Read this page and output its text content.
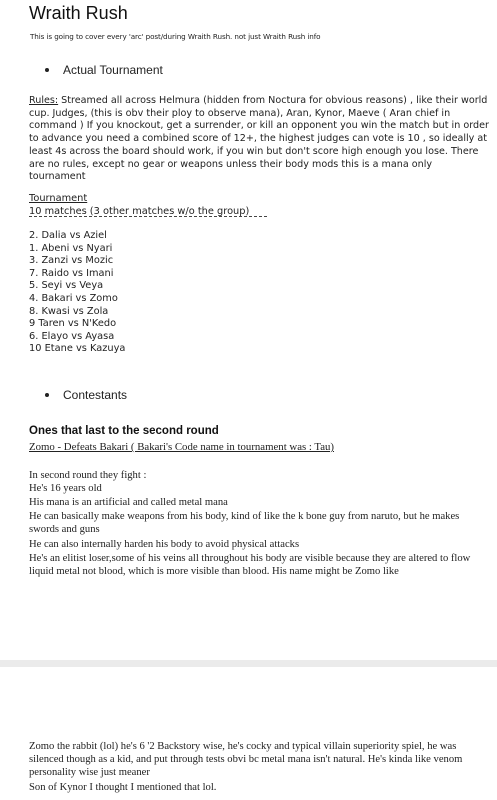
Wraith Rush
This is going to cover every 'arc' post/during Wraith Rush. not just Wraith Rush info
Actual Tournament
Rules: Streamed all across Helmura (hidden from Noctura for obvious reasons) , like their world cup. Judges, (this is obv their ploy to observe mana), Aran, Kynor, Maeve ( Aran chief in command ) If you knockout, get a surrender, or kill an opponent you win the match but in order to advance you need a combined score of 12+, the highest judges can vote is 10 , so ideally at least 4s across the board should work, if you win but don't score high enough you lose. There are no rules, except no gear or weapons unless their body mods this is a mana only tournament
Tournament
10 matches (3 other matches w/o the group)
2. Dalia vs Aziel
1. Abeni vs Nyari
3. Zanzi vs Mozic
7. Raido vs Imani
5. Seyi vs Veya
4. Bakari vs Zomo
8. Kwasi vs Zola
9 Taren vs N'Kedo
6. Elayo vs Ayasa
10 Etane vs Kazuya
Contestants
Ones that last to the second round
Zomo - Defeats Bakari ( Bakari's Code name in tournament was : Tau)
In second round they fight :
He's 16 years old
His mana is an artificial and called metal mana
He can basically make weapons from his body, kind of like the k bone guy from naruto, but he makes swords and guns
He can also internally harden his body to avoid physical attacks
He's an elitist loser,some of his veins all throughout his body are visible because they are altered to flow liquid metal not blood, which is more visible than blood. His name might be Zomo like
Zomo the rabbit (lol) he's 6 '2 Backstory wise, he's cocky and typical villain superiority spiel, he was silenced though as a kid, and put through tests obvi bc metal mana isn't natural. He's kinda like venom personality wise just meaner
Son of Kynor I thought I mentioned that lol.
